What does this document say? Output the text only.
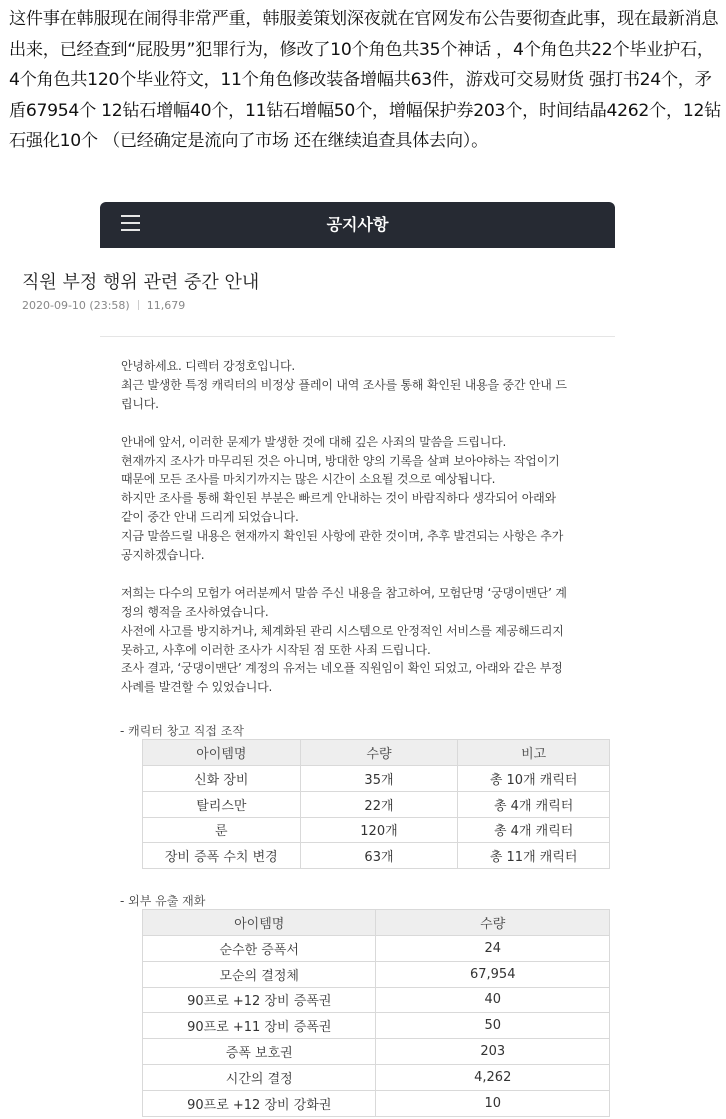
这件事在韩服现在闹得非常严重，韩服姜策划深夜就在官网发布公告要彻查此事，现在最新消息出来，已经查到“屁股男”犯罪行为，修改了10个角色共35个神话 ，4个角色共22个毕业护石，4个角色共120个毕业符文，11个角色修改装备增幅共63件，游戏可交易财货 强打书24个，矛盾67954个 12钻石增幅40个，11钻石增幅50个，增幅保护券203个，时间结晶4262个，12钻石强化10个 （已经确定是流向了市场 还在继续追查具体去向）。
공지사항
직원 부정 행위 관련 중간 안내
2020-09-10 (23:58) 11,679

안녕하세요. 디렉터 강정호입니다.
최근 발생한 특정 캐릭터의 비정상 플레이 내역 조사를 통해 확인된 내용을 중간 안내 드
립니다.

안내에 앞서, 이러한 문제가 발생한 것에 대해 깊은 사죄의 말씀을 드립니다.
현재까지 조사가 마무리된 것은 아니며, 방대한 양의 기록을 살펴 보아야하는 작업이기
때문에 모든 조사를 마치기까지는 많은 시간이 소요될 것으로 예상됩니다.
하지만 조사를 통해 확인된 부분은 빠르게 안내하는 것이 바람직하다 생각되어 아래와
같이 중간 안내 드리게 되었습니다.
지금 말씀드릴 내용은 현재까지 확인된 사항에 관한 것이며, 추후 발견되는 사항은 추가
공지하겠습니다.

저희는 다수의 모험가 여러분께서 말씀 주신 내용을 참고하여, 모험단명 ‘궁댕이맨단’ 계
정의 행적을 조사하였습니다.
사전에 사고를 방지하거나, 체계화된 관리 시스템으로 안정적인 서비스를 제공해드리지
못하고, 사후에 이러한 조사가 시작된 점 또한 사죄 드립니다.
조사 결과, ‘궁댕이맨단’ 계정의 유저는 네오플 직원임이 확인 되었고, 아래와 같은 부정
사례를 발견할 수 있었습니다.

- 캐릭터 창고 직접 조작
아이템명	수량	비고
신화 장비	35개	총 10개 캐릭터
탈리스만	22개	총 4개 캐릭터
룬	120개	총 4개 캐릭터
장비 증폭 수치 변경	63개	총 11개 캐릭터
- 외부 유출 재화
아이템명	수량
순수한 증폭서	24
모순의 결정체	67,954
90프로 +12 장비 증폭권	40
90프로 +11 장비 증폭권	50
증폭 보호권	203
시간의 결정	4,262
90프로 +12 장비 강화권	10
